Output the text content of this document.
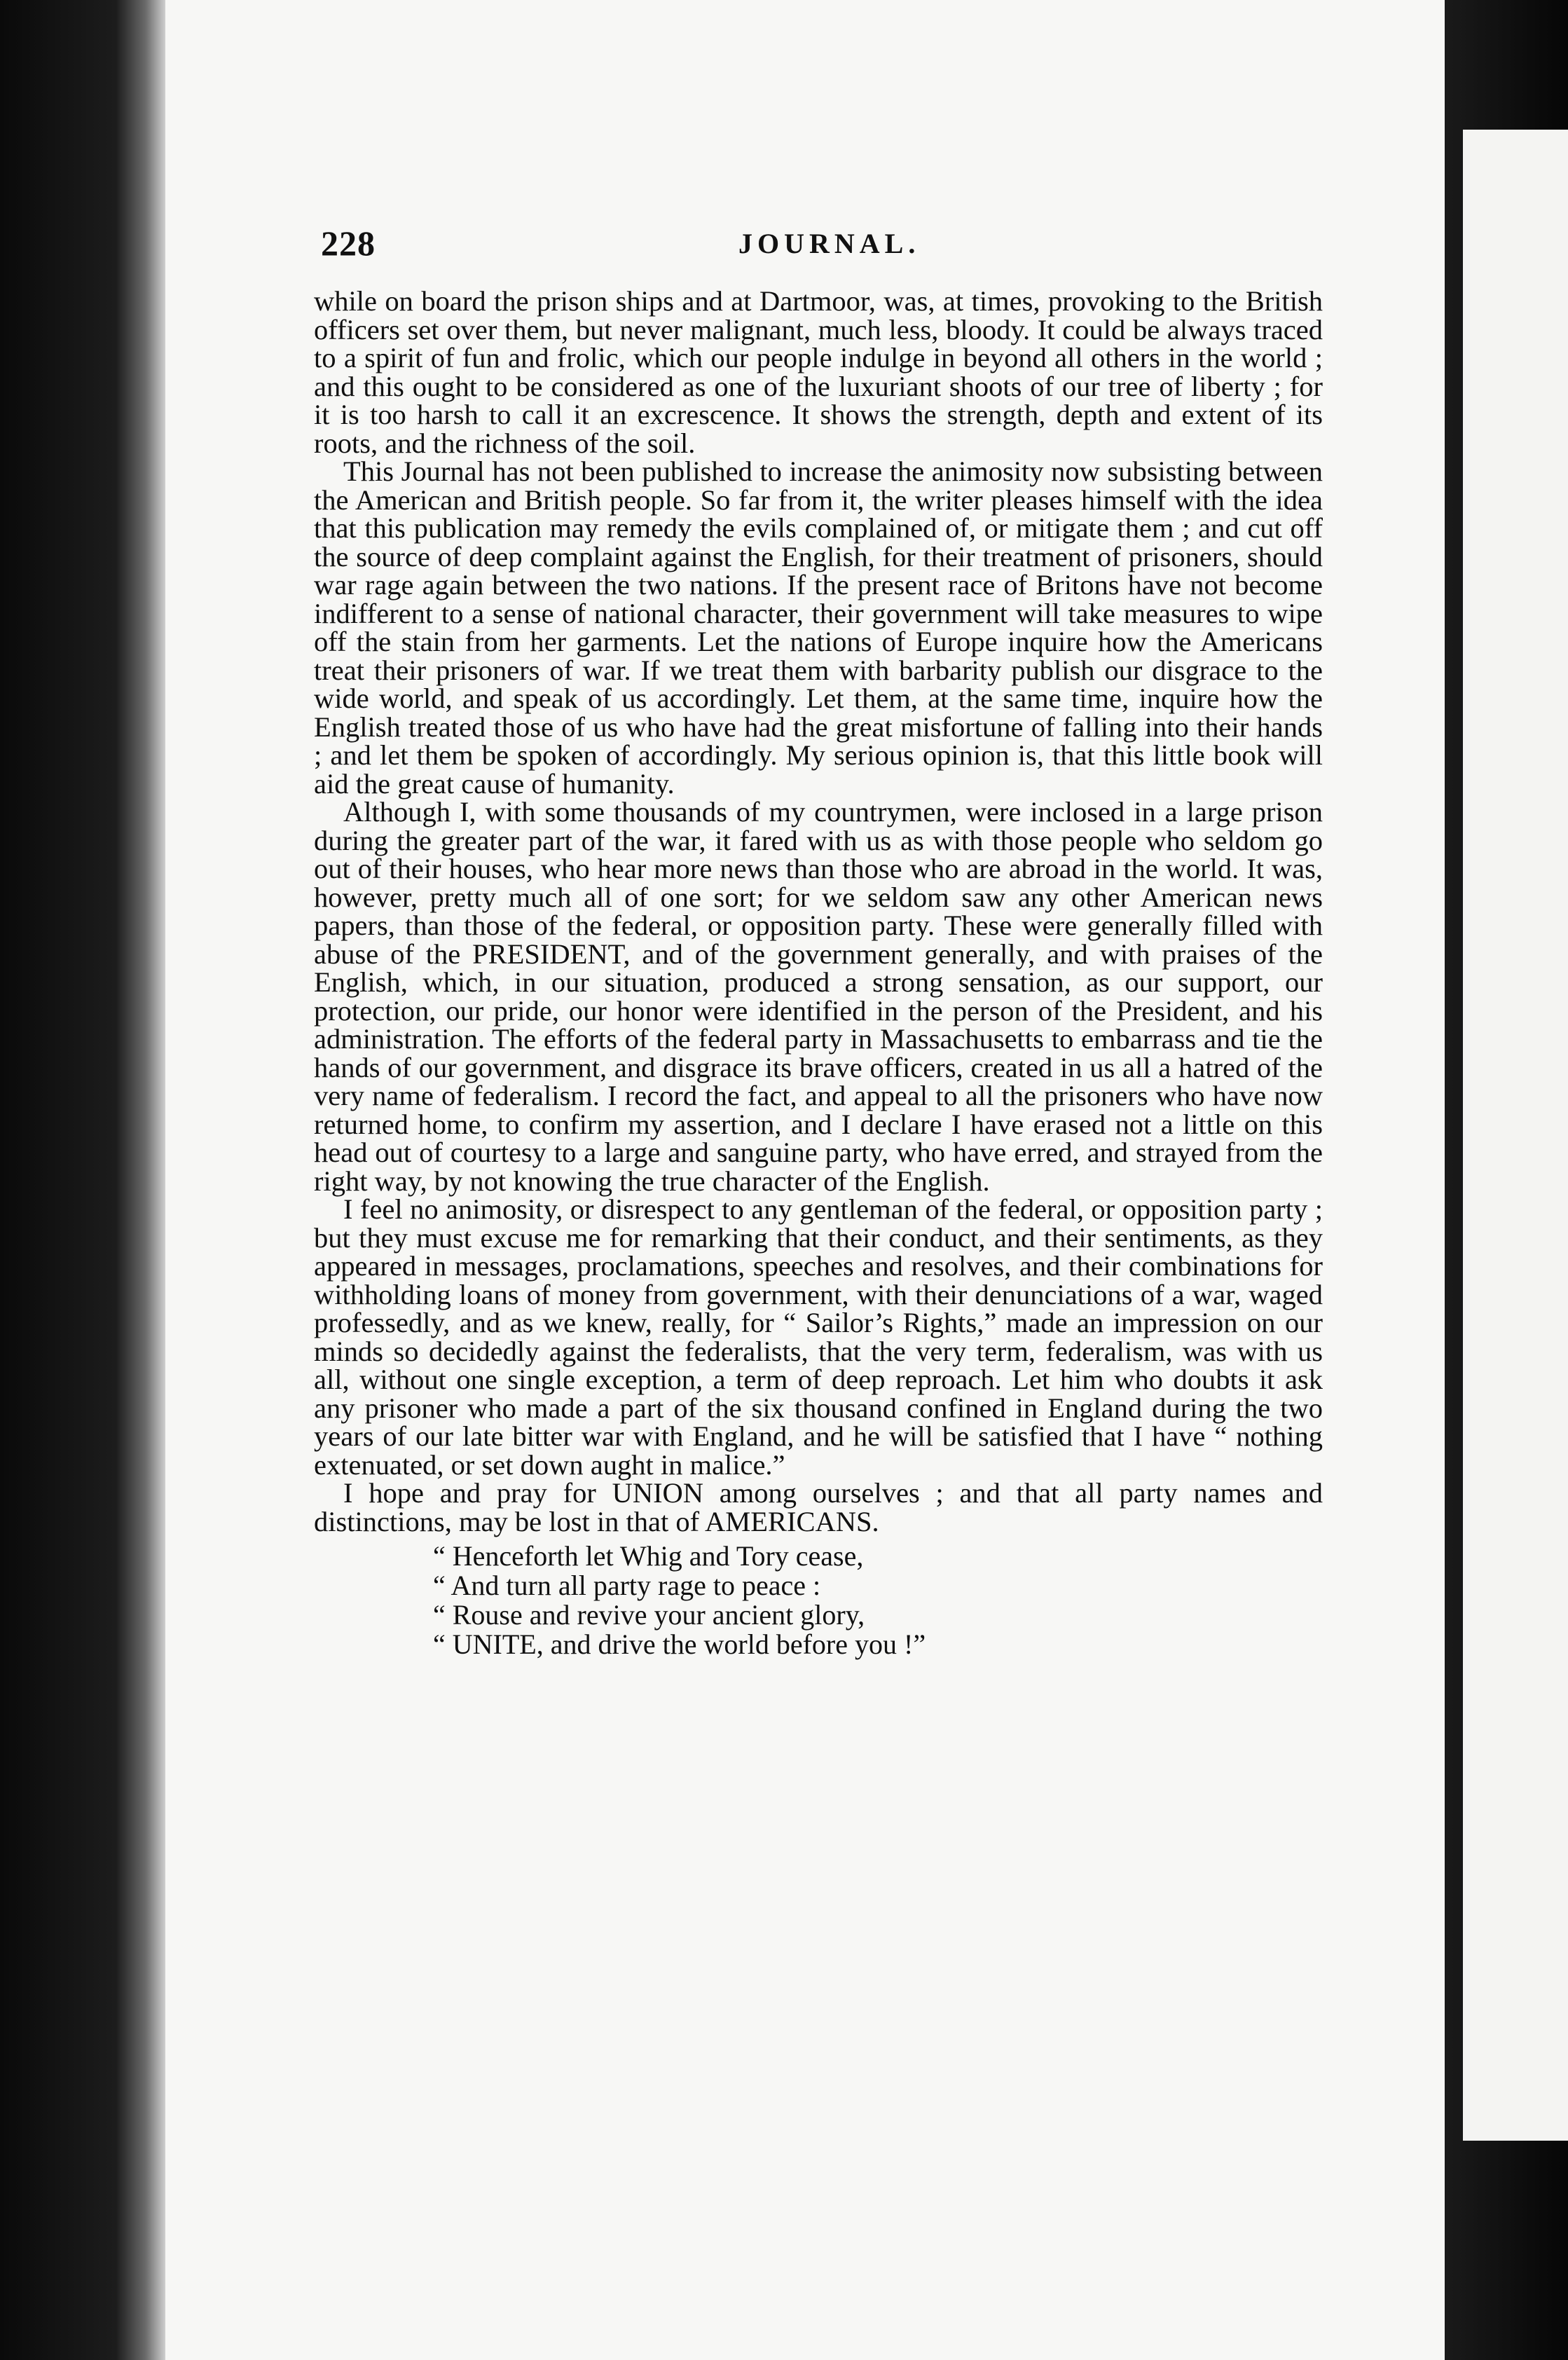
228	JOURNAL.

while on board the prison ships and at Dartmoor, was, at times, provoking to the British officers set over them, but never malignant, much less, bloody. It could be always traced to a spirit of fun and frolic, which our people indulge in beyond all others in the world ; and this ought to be considered as one of the luxuriant shoots of our tree of liberty ; for it is too harsh to call it an excrescence. It shows the strength, depth and extent of its roots, and the richness of the soil.

This Journal has not been published to increase the animosity now subsisting between the American and British people. So far from it, the writer pleases himself with the idea that this publication may remedy the evils complained of, or mitigate them ; and cut off the source of deep complaint against the English, for their treatment of prisoners, should war rage again between the two nations. If the present race of Britons have not become indifferent to a sense of national character, their government will take measures to wipe off the stain from her garments. Let the nations of Europe inquire how the Americans treat their prisoners of war. If we treat them with barbarity publish our disgrace to the wide world, and speak of us accordingly. Let them, at the same time, inquire how the English treated those of us who have had the great misfortune of falling into their hands ; and let them be spoken of accordingly. My serious opinion is, that this little book will aid the great cause of humanity.

Although I, with some thousands of my countrymen, were inclosed in a large prison during the greater part of the war, it fared with us as with those people who seldom go out of their houses, who hear more news than those who are abroad in the world. It was, however, pretty much all of one sort; for we seldom saw any other American news papers, than those of the federal, or opposition party. These were generally filled with abuse of the PRESIDENT, and of the government generally, and with praises of the English, which, in our situation, produced a strong sensation, as our support, our protection, our pride, our honor were identified in the person of the President, and his administration. The efforts of the federal party in Massachusetts to embarrass and tie the hands of our government, and disgrace its brave officers, created in us all a hatred of the very name of federalism. I record the fact, and appeal to all the prisoners who have now returned home, to confirm my assertion, and I declare I have erased not a little on this head out of courtesy to a large and sanguine party, who have erred, and strayed from the right way, by not knowing the true character of the English.

I feel no animosity, or disrespect to any gentleman of the federal, or opposition party ; but they must excuse me for remarking that their conduct, and their sentiments, as they appeared in messages, proclamations, speeches and resolves, and their combinations for withholding loans of money from government, with their denunciations of a war, waged professedly, and as we knew, really, for “ Sailor’s Rights,” made an impression on our minds so decidedly against the federalists, that the very term, federalism, was with us all, without one single exception, a term of deep reproach. Let him who doubts it ask any prisoner who made a part of the six thousand confined in England during the two years of our late bitter war with England, and he will be satisfied that I have “ nothing extenuated, or set down aught in malice.”

I hope and pray for UNION among ourselves ; and that all party names and distinctions, may be lost in that of AMERICANS.

“ Henceforth let Whig and Tory cease,
“ And turn all party rage to peace :
“ Rouse and revive your ancient glory,
“ UNITE, and drive the world before you !”
